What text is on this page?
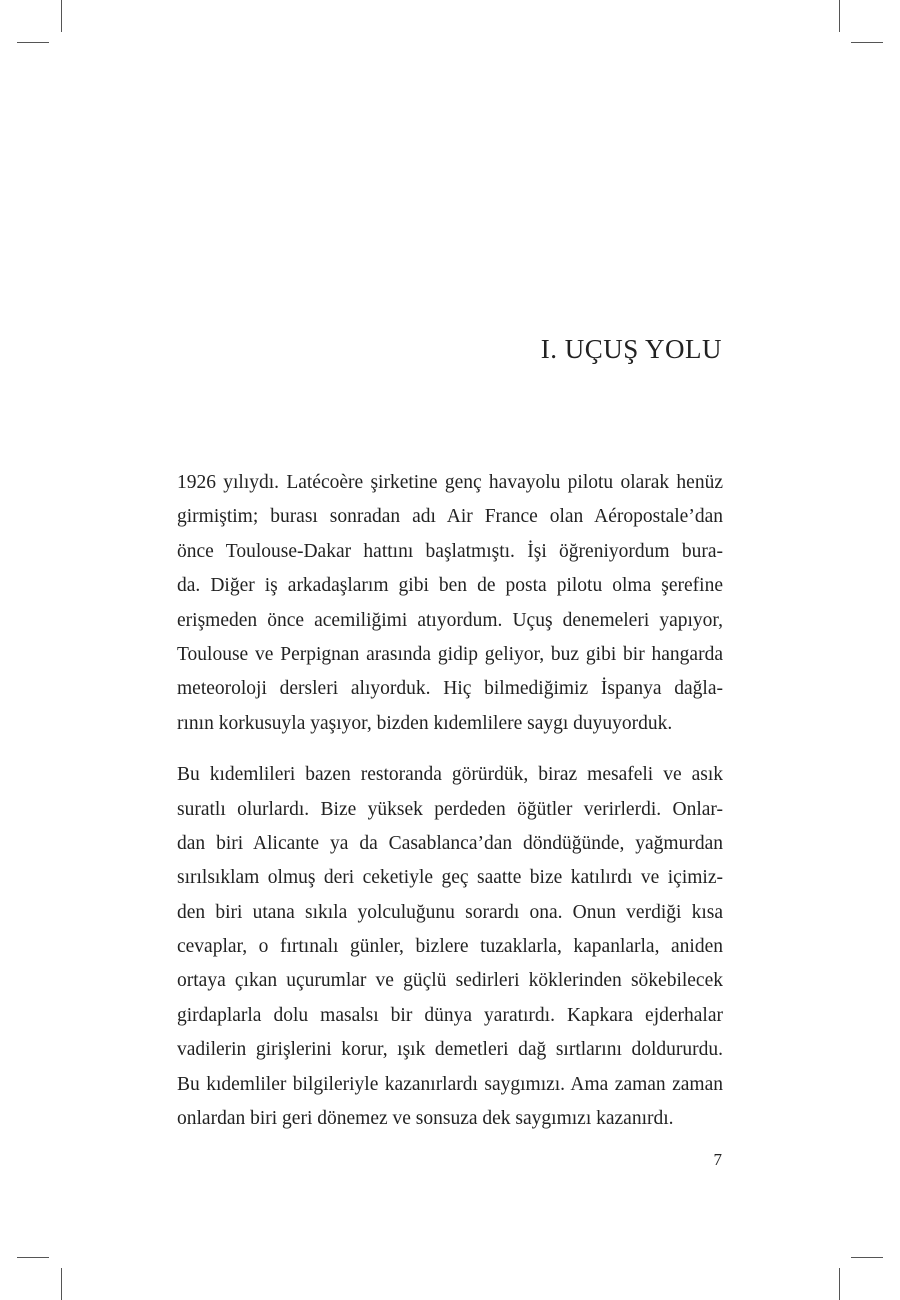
I. UÇUŞ YOLU

1926 yılıydı. Latécoère şirketine genç havayolu pilotu olarak henüz
girmiştim; burası sonradan adı Air France olan Aéropostale’dan
önce Toulouse-Dakar hattını başlatmıştı. İşi öğreniyordum bura-
da. Diğer iş arkadaşlarım gibi ben de posta pilotu olma şerefine
erişmeden önce acemiliğimi atıyordum. Uçuş denemeleri yapıyor,
Toulouse ve Perpignan arasında gidip geliyor, buz gibi bir hangarda
meteoroloji dersleri alıyorduk. Hiç bilmediğimiz İspanya dağla-
rının korkusuyla yaşıyor, bizden kıdemlilere saygı duyuyorduk.

Bu kıdemlileri bazen restoranda görürdük, biraz mesafeli ve asık
suratlı olurlardı. Bize yüksek perdeden öğütler verirlerdi. Onlar-
dan biri Alicante ya da Casablanca’dan döndüğünde, yağmurdan
sırılsıklam olmuş deri ceketiyle geç saatte bize katılırdı ve içimiz-
den biri utana sıkıla yolculuğunu sorardı ona. Onun verdiği kısa
cevaplar, o fırtınalı günler, bizlere tuzaklarla, kapanlarla, aniden
ortaya çıkan uçurumlar ve güçlü sedirleri köklerinden sökebilecek
girdaplarla dolu masalsı bir dünya yaratırdı. Kapkara ejderhalar
vadilerin girişlerini korur, ışık demetleri dağ sırtlarını doldururdu.
Bu kıdemliler bilgileriyle kazanırlardı saygımızı. Ama zaman zaman
onlardan biri geri dönemez ve sonsuza dek saygımızı kazanırdı.

7
